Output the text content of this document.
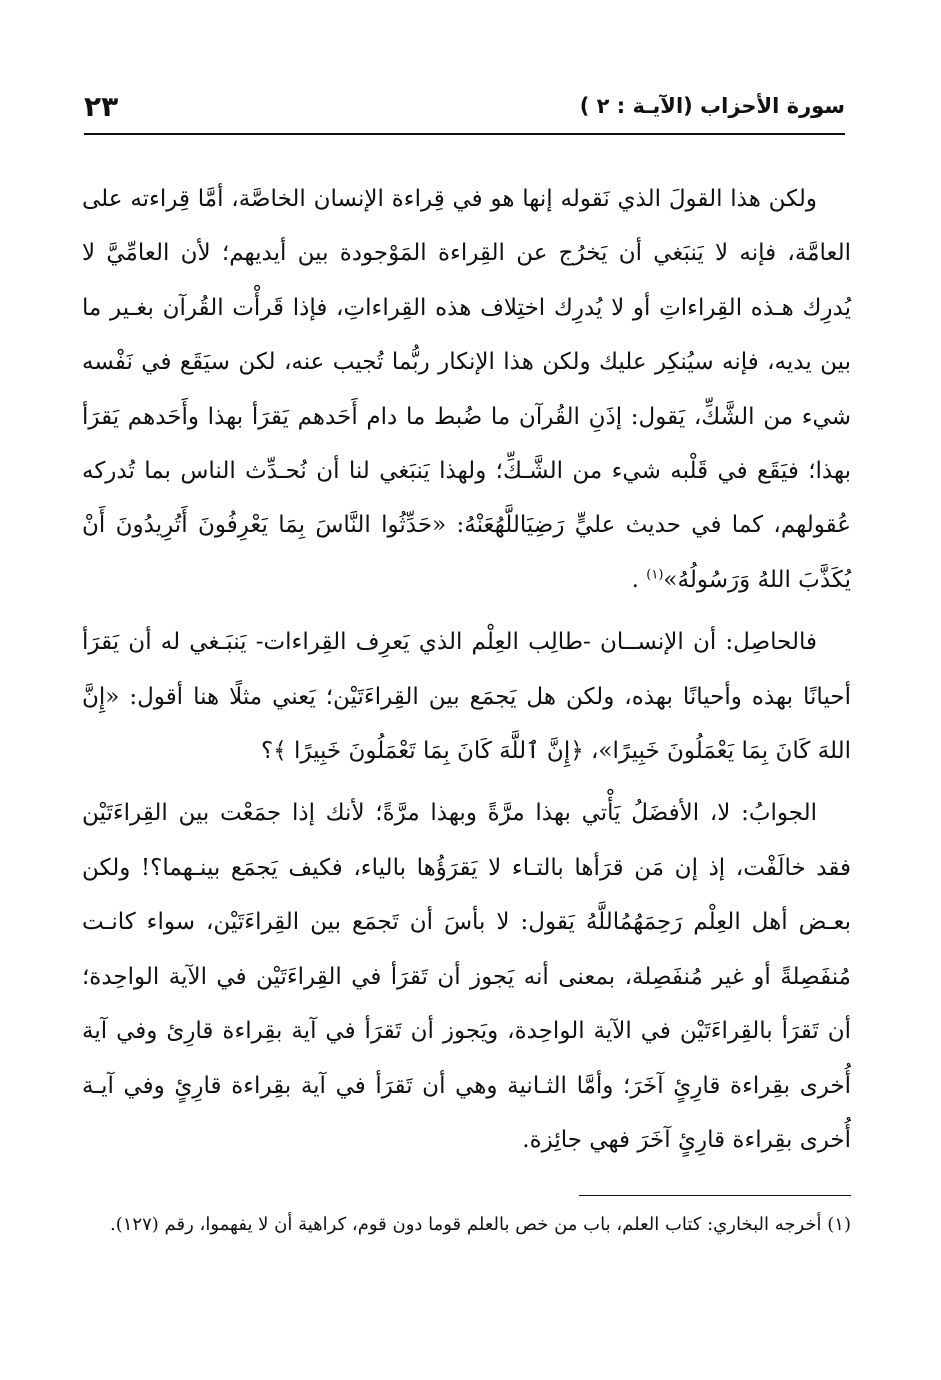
سورة الأحزاب (الآيـة : ٢ )
٢٣

ولكن هذا القولَ الذي نَقوله إنها هو في قِراءة الإنسان الخاصَّة، أمَّا قِراءته على العامَّة، فإنه لا يَنبَغي أن يَخرُج عن القِراءة المَوْجودة بين أيديهم؛ لأن العامِّيَّ لا يُدرِك هـذه القِراءاتِ أو لا يُدرِك اختِلاف هذه القِراءاتِ، فإذا قَرأْت القُرآن بغـير ما بين يديه، فإنه سيُنكِر عليك ولكن هذا الإنكار ربُّما تُجيب عنه، لكن سيَقَع في نَفْسه شيء من الشَّكِّ، يَقول: إذَنِ القُرآن ما ضُبط ما دام أَحَدهم يَقرَأ بهذا وأَحَدهم يَقرَأ بهذا؛ فيَقَع في قَلْبه شيء من الشَّـكِّ؛ ولهذا يَنبَغي لنا أن نُحـدِّث الناس بما تُدركه عُقولهم، كما في حديث عليٍّ رَضِيَاللَّهُعَنْهُ: «حَدِّثُوا النَّاسَ بِمَا يَعْرِفُونَ أَتُرِيدُونَ أَنْ يُكَذَّبَ اللهُ وَرَسُولُهُ»$^{(١)}$ .

فالحاصِل: أن الإنســان -طالِب العِلْم الذي يَعرِف القِراءات- يَنبَـغي له أن يَقرَأ أحيانًا بهذه وأحيانًا بهذه، ولكن هل يَجمَع بين القِراءَتَيْن؛ يَعني مثلًا هنا أقول: «إِنَّ اللهَ كَانَ بِمَا يَعْمَلُونَ خَبِيرًا»، ﴿إِنَّ ٱللَّهَ كَانَ بِمَا تَعْمَلُونَ خَبِيرًا ﴾؟

الجوابُ: لا، الأفضَلُ يَأْتي بهذا مرَّةً وبهذا مرَّةً؛ لأنك إذا جمَعْت بين القِراءَتَيْن فقد خالَفْت، إذ إن مَن قرَأها بالتـاء لا يَقرَؤُها بالياء، فكيف يَجمَع بينـهما؟! ولكن بعـض أهل العِلْم رَحِمَهُمُاللَّهُ يَقول: لا بأسَ أن تَجمَع بين القِراءَتَيْن، سواء كانـت مُنفَصِلةً أو غير مُنفَصِلة، بمعنى أنه يَجوز أن تَقرَأ في القِراءَتَيْن في الآية الواحِدة؛ أن تَقرَأ بالقِراءَتَيْن في الآية الواحِدة، ويَجوز أن تَقرَأ في آية بقِراءة قارِئ وفي آية أُخرى بقِراءة قارِئٍ آخَرَ؛ وأمَّا الثـانية وهي أن تَقرَأ في آية بقِراءة قارِئٍ وفي آيـة أُخرى بقِراءة قارِئٍ آخَرَ فهي جائِزة.

(١) أخرجه البخاري: كتاب العلم، باب من خص بالعلم قوما دون قوم، كراهية أن لا يفهموا، رقم (١٢٧).
